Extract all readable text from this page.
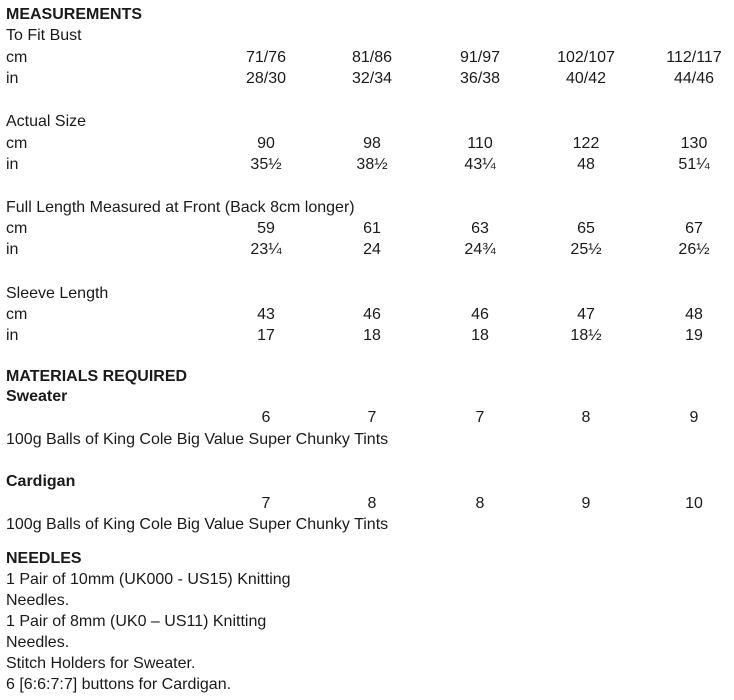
MEASUREMENTS
To Fit Bust
cm	71/76	81/86	91/97	102/107	112/117
in	28/30	32/34	36/38	40/42	44/46
Actual Size
cm	90	98	110	122	130
in	35½	38½	43¼	48	51¼
Full Length Measured at Front (Back 8cm longer)
cm	59	61	63	65	67
in	23¼	24	24¾	25½	26½
Sleeve Length
cm	43	46	46	47	48
in	17	18	18	18½	19
MATERIALS REQUIRED
Sweater
6	7	7	8	9
100g Balls of King Cole Big Value Super Chunky Tints
Cardigan
7	8	8	9	10
100g Balls of King Cole Big Value Super Chunky Tints
NEEDLES
1 Pair of 10mm (UK000 - US15) Knitting
Needles.
1 Pair of 8mm (UK0 – US11) Knitting
Needles.
Stitch Holders for Sweater.
6 [6:6:7:7] buttons for Cardigan.
